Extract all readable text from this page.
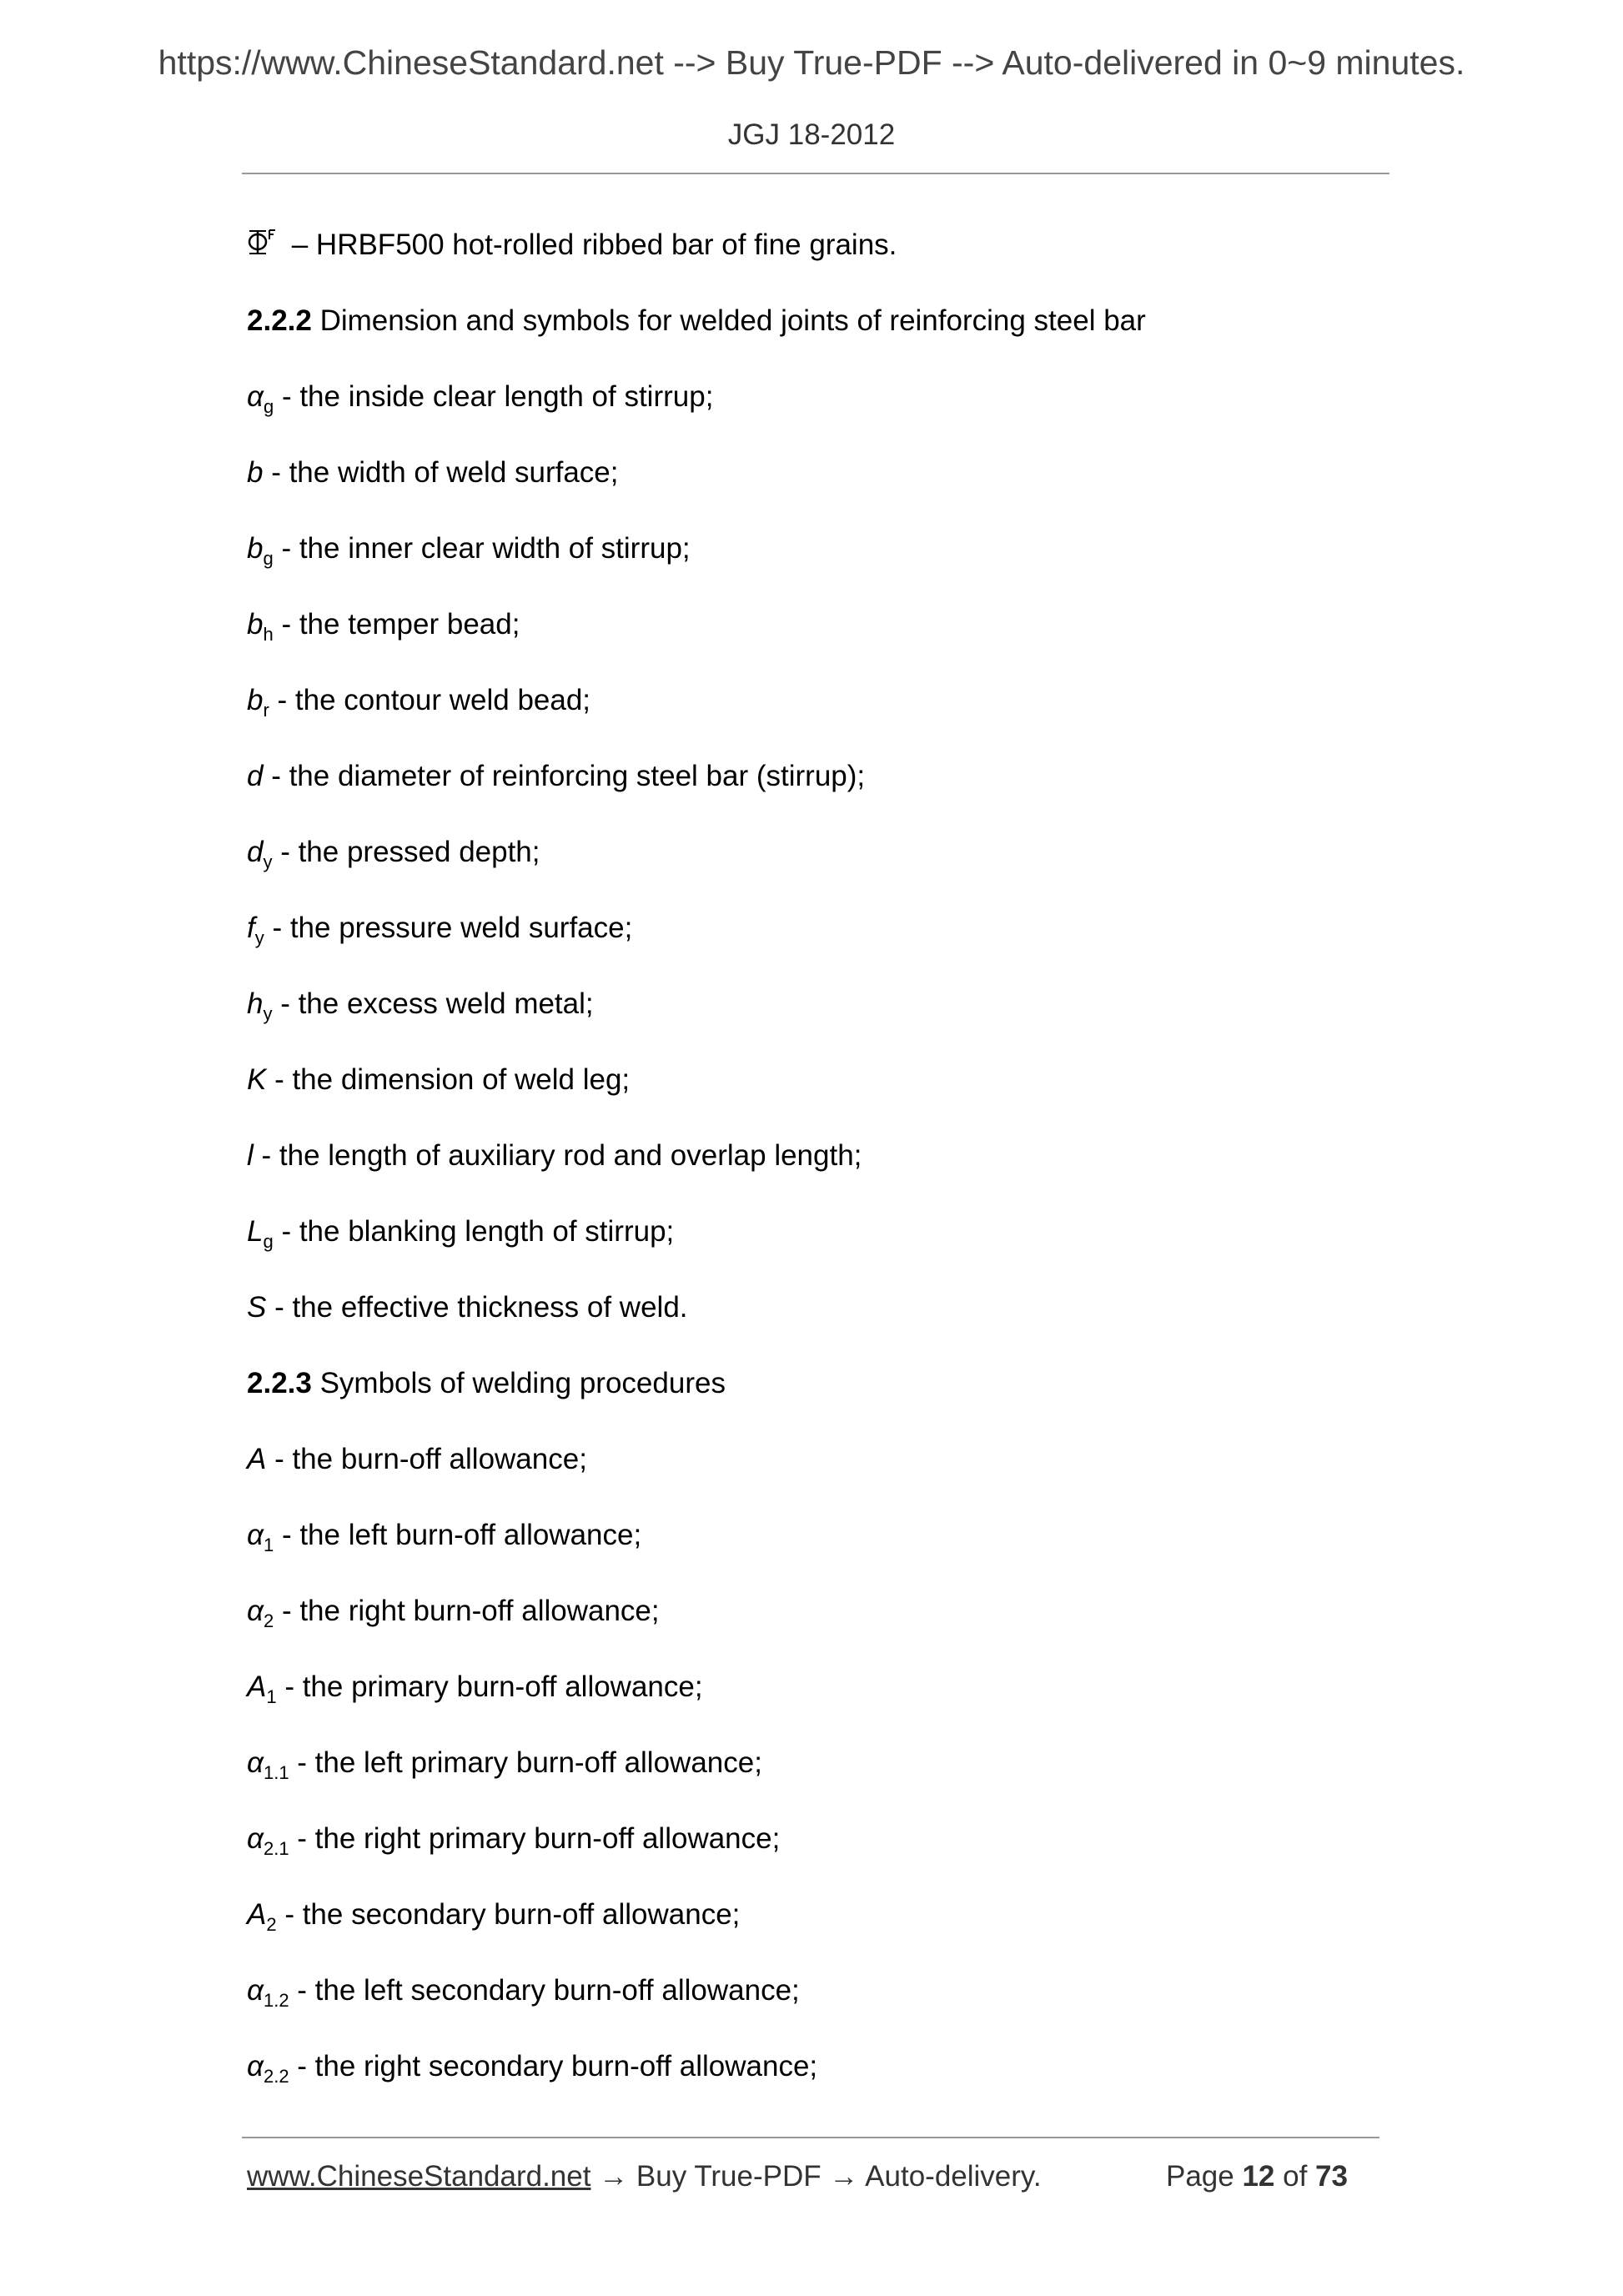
https://www.ChineseStandard.net --> Buy True-PDF --> Auto-delivered in 0~9 minutes.
JGJ 18-2012
– HRBF500 hot-rolled ribbed bar of fine grains.
2.2.2 Dimension and symbols for welded joints of reinforcing steel bar
$\alpha_g$ - the inside clear length of stirrup;
b - the width of weld surface;
$b_g$ - the inner clear width of stirrup;
$b_h$ - the temper bead;
$b_r$ - the contour weld bead;
d - the diameter of reinforcing steel bar (stirrup);
$d_y$ - the pressed depth;
$f_y$ - the pressure weld surface;
$h_y$ - the excess weld metal;
K - the dimension of weld leg;
l - the length of auxiliary rod and overlap length;
$L_g$ - the blanking length of stirrup;
S - the effective thickness of weld.
2.2.3 Symbols of welding procedures
A - the burn-off allowance;
$\alpha_1$ - the left burn-off allowance;
$\alpha_2$ - the right burn-off allowance;
$A_1$ - the primary burn-off allowance;
$\alpha_{1.1}$ - the left primary burn-off allowance;
$\alpha_{2.1}$ - the right primary burn-off allowance;
$A_2$ - the secondary burn-off allowance;
$\alpha_{1.2}$ - the left secondary burn-off allowance;
$\alpha_{2.2}$ - the right secondary burn-off allowance;
www.ChineseStandard.net → Buy True-PDF → Auto-delivery.	Page 12 of 73
